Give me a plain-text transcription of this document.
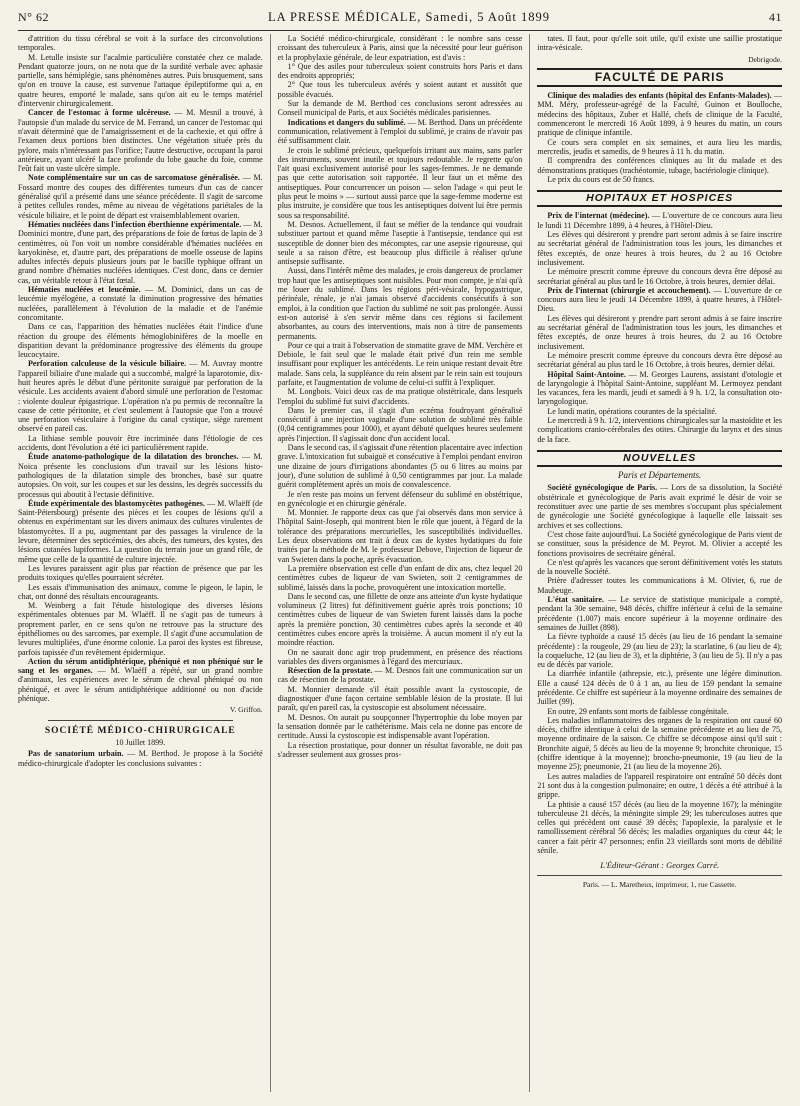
N° 62	LA PRESSE MÉDICALE, Samedi, 5 Août 1899	41

d'attrition du tissu cérébral se voit à la surface des circonvolutions temporales.

M. Letulle insiste sur l'acalmie particulière constatée chez ce malade. Pendant quatorze jours, on ne nota que de la surdité verbale avec aphasie partielle, sans hémiplégie, sans phénomènes autres. Puis brusquement, sans qu'on en trouve la cause, est survenue l'attaque épileptiforme qui a, en quatre heures, emporté le malade, sans qu'on ait eu le temps matériel d'intervenir chirurgicalement.

Cancer de l'estomac à forme ulcéreuse. — M. Mesnil a trouvé, à l'autopsie d'un malade du service de M. Ferrand, un cancer de l'estomac qui n'avait déterminé que de l'amaigrissement et de la cachexie, et qui offre à l'examen deux portions bien distinctes. Une végétation située près du pylore, mais n'intéressant pas l'orifice; l'autre destructive, occupant la paroi antérieure, ayant ulcéré la face profonde du lobe gauche du foie, comme l'eût fait un vaste ulcère simple.

Note complémentaire sur un cas de sarcomatose généralisée. — M. Fossard montre des coupes des différentes tumeurs d'un cas de cancer généralisé qu'il a présenté dans une séance précédente. Il s'agit de sarcome à petites cellules rondes, même au niveau de végétations pariétales de la vésicule biliaire, et le point de départ est vraisemblablement ovarien.

Hématies nucléées dans l'infection éberthienne expérimentale. — M. Dominici montre, d'une part, des préparations de foie de fœtus de lapin de 3 centimètres, où l'on voit un nombre considérable d'hématies nucléées en karyokinèse, et, d'autre part, des préparations de moelle osseuse de lapins adultes infectés depuis plusieurs jours par le bacille typhique offrant un grand nombre d'hématies nucléées identiques. C'est donc, dans ce dernier cas, un véritable retour à l'état fœtal.

Hématies nucléées et leucémie. — M. Dominici, dans un cas de leucémie myélogène, a constaté la diminution progressive des hématies nucléées, parallèlement à l'évolution de la maladie et de l'anémie concomitante.

Dans ce cas, l'apparition des hématies nucléées était l'indice d'une réaction du groupe des éléments hémoglobinifères de la moelle en disparition devant la prédominance progressive des éléments du groupe leucocytaire.

Perforation calculeuse de la vésicule biliaire. — M. Auvray montre l'appareil biliaire d'une malade qui a succombé, malgré la laparotomie, dix-huit heures après le début d'une péritonite suraiguë par perforation de la vésicule. Les accidents avaient d'abord simulé une perforation de l'estomac : violente douleur épigastrique. L'opération n'a pu permis de reconnaître la cause de cette péritonite, et c'est seulement à l'autopsie que l'on a trouvé une perforation vésiculaire à l'origine du canal cystique, siège rarement observé en pareil cas.

La lithiase semble pouvoir être incriminée dans l'étiologie de ces accidents, dont l'évolution a été ici particulièrement rapide.

Étude anatomo-pathologique de la dilatation des bronches. — M. Noica présente les conclusions d'un travail sur les lésions histo-pathologiques de la dilatation simple des bronches, basé sur quatre autopsies. On voit, sur les coupes et sur les dessins, les degrés successifs du processus qui aboutit à l'ectasie définitive.

Étude expérimentale des blastomycètes pathogènes. — M. Wlaëff (de Saint-Pétersbourg) présente des pièces et les coupes de lésions qu'il a obtenus en expérimentant sur les divers animaux des cultures virulentes de blastomycètes. Il a pu, augmentant par des passages la virulence de la levure, déterminer des septicémies, des abcès, des tumeurs, des kystes, des lésions cutanées lupiformes. La question du terrain joue un grand rôle, de même que celle de la quantité de culture injectée.

Les levures paraissent agir plus par réaction de présence que par les produits toxiques qu'elles pourraient sécréter.

Les essais d'immunisation des animaux, comme le pigeon, le lapin, le chat, ont donné des résultats encourageants.

M. Weinberg a fait l'étude histologique des diverses lésions expérimentales obtenues par M. Wlaëff. Il ne s'agit pas de tumeurs à proprement parler, en ce sens qu'on ne retrouve pas la structure des épithéliomes ou des sarcomes, par exemple. Il s'agit d'une accumulation de levures multipliées, d'une énorme colonie. La paroi des kystes est fibreuse, parfois tapissée d'un revêtement épidermique.

Action du sérum antidiphtérique, phéniqué et non phéniqué sur le sang et les organes. — M. Wlaëff a répété, sur un grand nombre d'animaux, les expériences avec le sérum de cheval phéniqué ou non phéniqué, et avec le sérum antidiphtérique additionné ou non d'acide phénique.

V. Griffon.
SOCIÉTÉ MÉDICO-CHIRURGICALE
10 Juillet 1899.

Pas de sanatorium urbain. — M. Berthod. Je propose à la Société médico-chirurgicale d'adopter les conclusions suivantes :

La Société médico-chirurgicale, considérant : le nombre sans cesse croissant des tuberculeux à Paris, ainsi que la nécessité pour leur guérison et la prophylaxie générale, de leur expatriation, est d'avis :

1° Que des asiles pour tuberculeux soient construits hors Paris et dans des endroits appropriés;

2° Que tous les tuberculeux avérés y soient autant et aussitôt que possible évacués.

Sur la demande de M. Berthod ces conclusions seront adressées au Conseil municipal de Paris, et aux Sociétés médicales parisiennes.

Indications et dangers du sublimé. — M. Berthod. Dans un précédente communication, relativement à l'emploi du sublimé, je crains de n'avoir pas été suffisamment clair.

Je crois le sublimé précieux, quelquefois irritant aux mains, sans parler des instruments, souvent inutile et toujours redoutable. Je regrette qu'on l'ait quasi exclusivement autorisé pour les sages-femmes. Je ne demande pas que cette autorisation soit rapportée. Il leur faut un et même des antiseptiques. Pour concurrencer un poison — selon l'adage « qui peut le plus peut le moins » — surtout aussi parce que la sage-femme moderne est plus instruite, je considère que tous les antiseptiques doivent lui être permis sous sa responsabilité.

M. Desnos. Actuellement, il faut se méfier de la tendance qui voudrait substituer partout et quand même l'aseptie à l'antisepsie, tendance qui est susceptible de donner bien des mécomptes, car une asepsie rigoureuse, qui seule a sa raison d'être, est beaucoup plus difficile à réaliser qu'une antisepsie suffisante.

Aussi, dans l'intérêt même des malades, je crois dangereux de proclamer trop haut que les antiseptiques sont nuisibles. Pour mon compte, je n'ai qu'à me louer du sublimé. Dans les régions péri-vésicale, hypogastrique, périnéale, rénale, je n'ai jamais observé d'accidents consécutifs à son emploi, à la condition que l'action du sublimé ne soit pas prolongée. Aussi est-on autorisé à s'en servir même dans ces régions si facilement absorbantes, au cours des interventions, mais non à titre de pansements permanents.

Pour ce qui a trait à l'observation de stomatite grave de MM. Verchère et Debiole, le fait seul que le malade était privé d'un rein me semble insuffisant pour expliquer les antécédents. Le rein unique restant devait être malade. Sans cela, la suppléance du rein absent par le rein sain est toujours parfaite, et l'augmentation de volume de celui-ci suffit à l'expliquer.

M. Longbois. Voici deux cas de ma pratique obstétricale, dans lesquels l'emploi du sublimé fut suivi d'accidents.

Dans le premier cas, il s'agit d'un eczéma foudroyant généralisé consécutif à une injection vaginale d'une solution de sublimé très faible (0,04 centigrammes pour 1000), et ayant débuté quelques heures seulement après l'injection. Il s'agissait donc d'un accident local.

Dans le second cas, il s'agissait d'une rétention placentaire avec infection grave. L'intoxication fut subaiguë et consécutive à l'emploi pendant environ une dizaine de jours d'irrigations abondantes (5 ou 6 litres au moins par jour), d'une solution de sublimé à 0,50 centigrammes par jour. La malade guérit complètement après un mois de convalescence.

Je n'en reste pas moins un fervent défenseur du sublimé en obstétrique, en gynécologie et en chirurgie générale.

M. Monnier. Je rapporte deux cas que j'ai observés dans mon service à l'hôpital Saint-Joseph, qui montrent bien le rôle que jouent, à l'égard de la tolérance des préparations mercurielles, les susceptibilités individuelles. Les deux observations ont trait à deux cas de kystes hydatiques du foie traités par la méthode de M. le professeur Debove, l'injection de liqueur de van Swieten dans la poche, après évacuation.

La première observation est celle d'un enfant de dix ans, chez lequel 20 centimètres cubes de liqueur de van Swieten, soit 2 centigrammes de sublimé, laissés dans la poche, provoquèrent une intoxication mortelle.

Dans le second cas, une fillette de onze ans atteinte d'un kyste hydatique volumineux (2 litres) fut définitivement guérie après trois ponctions; 10 centimètres cubes de liqueur de van Swieten furent laissés dans la poche après la première ponction, 30 centimètres cubes après la seconde et 40 centimètres cubes encore après la troisième. À aucun moment il n'y eut la moindre réaction.

On ne saurait donc agir trop prudemment, en présence des réactions variables des divers organismes à l'égard des mercuriaux.

Résection de la prostate. — M. Desnos fait une communication sur un cas de résection de la prostate.

M. Monnier demande s'il était possible avant la cystoscopie, de diagnostiquer d'une façon certaine semblable lésion de la prostate. Il lui paraît, qu'en pareil cas, la cystoscopie est absolument nécessaire.

M. Desnos. On aurait pu soupçonner l'hypertrophie du lobe moyen par la sensation donnée par le cathétérisme. Mais cela ne donne pas encore de certitude. Aussi la cystoscopie est indispensable avant l'opération.

La résection prostatique, pour donner un résultat favorable, ne doit pas s'adresser seulement aux grosses pros-

tates. Il faut, pour qu'elle soit utile, qu'il existe une saillie prostatique intra-vésicale.

Debrigode.
FACULTÉ DE PARIS

Clinique des maladies des enfants (hôpital des Enfants-Malades). — MM. Méry, professeur-agrégé de la Faculté, Guinon et Boulloche, médecins des hôpitaux, Zuber et Hallé, chefs de clinique de la Faculté, commenceront le mercredi 16 Août 1899, à 9 heures du matin, un cours pratique de clinique infantile.

Ce cours sera complet en six semaines, et aura lieu les mardis, mercredis, jeudis et samedis, de 9 heures à 11 h. du matin.

Il comprendra des conférences cliniques au lit du malade et des démonstrations pratiques (trachéotomie, tubage, bactériologie clinique).

Le prix du cours est de 50 francs.

HOPITAUX ET HOSPICES

Prix de l'internat (médecine). — L'ouverture de ce concours aura lieu le lundi 11 Décembre 1899, à 4 heures, à l'Hôtel-Dieu.

Les élèves qui désireront y prendre part seront admis à se faire inscrire au secrétariat général de l'administration tous les jours, les dimanches et fêtes exceptés, de onze heures à trois heures, du 2 au 16 Octobre inclusivement.

Le mémoire prescrit comme épreuve du concours devra être déposé au secrétariat général au plus tard le 16 Octobre, à trois heures, dernier délai.

Prix de l'internat (chirurgie et accouchement). — L'ouverture de ce concours aura lieu le jeudi 14 Décembre 1899, à quatre heures, à l'Hôtel-Dieu.

Les élèves qui désireront y prendre part seront admis à se faire inscrire au secrétariat général de l'administration tous les jours, les dimanches et fêtes exceptés, de onze heures à trois heures, du 2 au 16 Octobre inclusivement.

Le mémoire prescrit comme épreuve du concours devra être déposé au secrétariat général au plus tard le 16 Octobre, à trois heures, dernier délai.

Hôpital Saint-Antoine. — M. Georges Laurens, assistant d'otologie et de laryngologie à l'hôpital Saint-Antoine, suppléant M. Lermoyez pendant les vacances, fera les mardi, jeudi et samedi à 9 h. 1/2, la consultation oto-laryngologique.

Le lundi matin, opérations courantes de la spécialité.

Le mercredi à 9 h. 1/2, interventions chirurgicales sur la mastoïdite et les complications cranio-cérébrales des otites. Chirurgie du larynx et des sinus de la face.

NOUVELLES
Paris et Départements.

Société gynécologique de Paris. — Lors de sa dissolution, la Société obstétricale et gynécologique de Paris avait exprimé le désir de voir se reconstituer avec une partie de ses membres s'occupant plus spécialement de gynécologie une Société gynécologique à laquelle elle laissait ses archives et ses collections.

C'est chose faite aujourd'hui. La Société gynécologique de Paris vient de se constituer, sous la présidence de M. Peyrot. M. Olivier a accepté les fonctions provisoires de secrétaire général.

Ce n'est qu'après les vacances que seront définitivement votés les statuts de la nouvelle Société.

Prière d'adresser toutes les communications à M. Olivier, 6, rue de Maubeuge.

L'état sanitaire. — Le service de statistique municipale a compté, pendant la 30e semaine, 948 décès, chiffre inférieur à celui de la semaine précédente (1.007) mais encore supérieur à la moyenne ordinaire des semaines de Juillet (898).

La fièvre typhoïde a causé 15 décès (au lieu de 16 pendant la semaine précédente) : la rougeole, 29 (au lieu de 23); la scarlatine, 6 (au lieu de 4); la coqueluche, 12 (au lieu de 3), et la diphtérie, 3 (au lieu de 5). Il n'y a pas eu de décès par variole.

La diarrhée infantile (athrepsie, etc.), présente une légère diminution. Elle a causé 124 décès de 0 à 1 an, au lieu de 159 pendant la semaine précédente. Ce chiffre est supérieur à la moyenne ordinaire des semaines de Juillet (99).

En outre, 29 enfants sont morts de faiblesse congénitale.

Les maladies inflammatoires des organes de la respiration ont causé 60 décès, chiffre identique à celui de la semaine précédente et au lieu de 75, moyenne ordinaire de la saison. Ce chiffre se décompose ainsi qu'il suit : Bronchite aiguë, 5 décès au lieu de la moyenne 9; bronchite chronique, 15 (chiffre identique à la moyenne); broncho-pneumonie, 19 (au lieu de la moyenne 25); pneumonie, 21 (au lieu de la moyenne 26).

Les autres maladies de l'appareil respiratoire ont entraîné 50 décès dont 21 sont dus à la congestion pulmonaire; en outre, 1 décès a été attribué à la grippe.

La phtisie a causé 157 décès (au lieu de la moyenne 167); la méningite tuberculeuse 21 décès, la méningite simple 29; les tuberculoses autres que celles qui précèdent ont causé 39 décès; l'apoplexie, la paralysie et le ramollissement cérébral 56 décès; les maladies organiques du cœur 44; le cancer a fait périr 47 personnes; enfin 23 vieillards sont morts de débilité sénile.

L'Éditeur-Gérant : Georges Carré.
Paris. — L. Maretheux, imprimeur, 1, rue Cassette.
